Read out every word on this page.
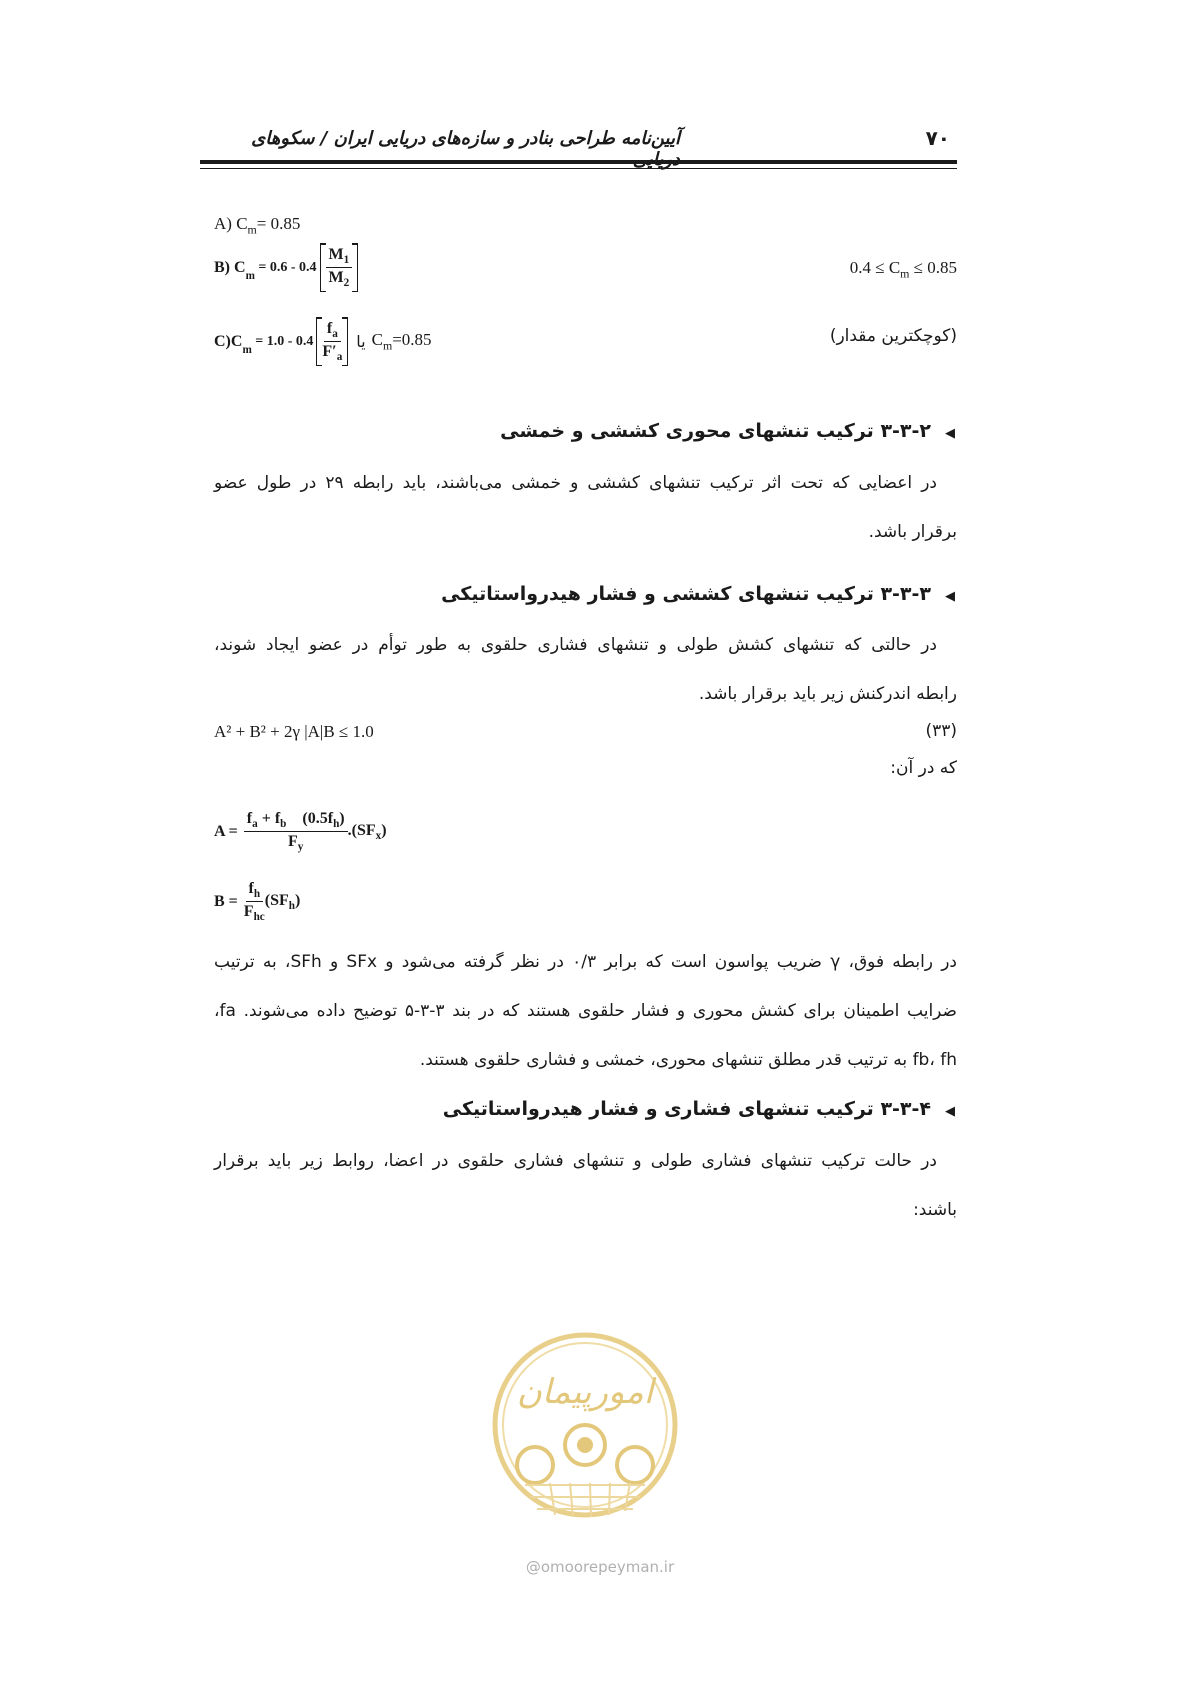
آیین‌نامه طراحی بنادر و سازه‌های دریایی ایران / سکوهای	۷۰
A) $C_m= 0.85$
B) $C_m$
= $0.6 - 0.4 \frac{M_1}{M_2}$	$0.4 \le C_m \le 0.85$
$C)C_m$
= $1.0 - 0.4 \frac{f_a}{F'_a}$ یا $C_m=0.85$	(کوچکترین مقدار)
◀۳-۳-۲ ترکیب تنشهای محوری کششی و خمشی
در اعضایی که تحت اثر ترکیب تنشهای کششی و خمشی می‌باشند، باید رابطه ۲۹ در طول عضو
برقرار باشد.
◀۳-۳-۳ ترکیب تنشهای کششی و فشار هیدرواستاتیکی
در حالتی که تنشهای کشش طولی و تنشهای فشاری حلقوی به طور توأم در عضو ایجاد شوند،
رابطه اندرکنش زیر باید برقرار باشد.
A² + B² + 2γ |A|B ≤ 1.0	(۳۳)
که در آن:
$A = \frac{f_a + f_b (0.5f_h)}{F_y} .(SF_x)$
$B = \frac{f_h}{F_{hc}} (SF_h)$
در رابطه فوق، γ ضریب پواسون است که برابر ۰/۳ در نظر گرفته می‌شود و SFx و SFh، به ترتیب
ضرایب اطمینان برای کشش محوری و فشار حلقوی هستند که در بند ۳-۳-۵ توضیح داده می‌شوند. fa،
fb، fh به ترتیب قدر مطلق تنشهای محوری، خمشی و فشاری حلقوی هستند.
◀۳-۳-۴ ترکیب تنشهای فشاری و فشار هیدرواستاتیکی
در حالت ترکیب تنشهای فشاری طولی و تنشهای فشاری حلقوی در اعضا، روابط زیر باید برقرار
باشند:
امورپیمان
@omoorepeyman.ir
